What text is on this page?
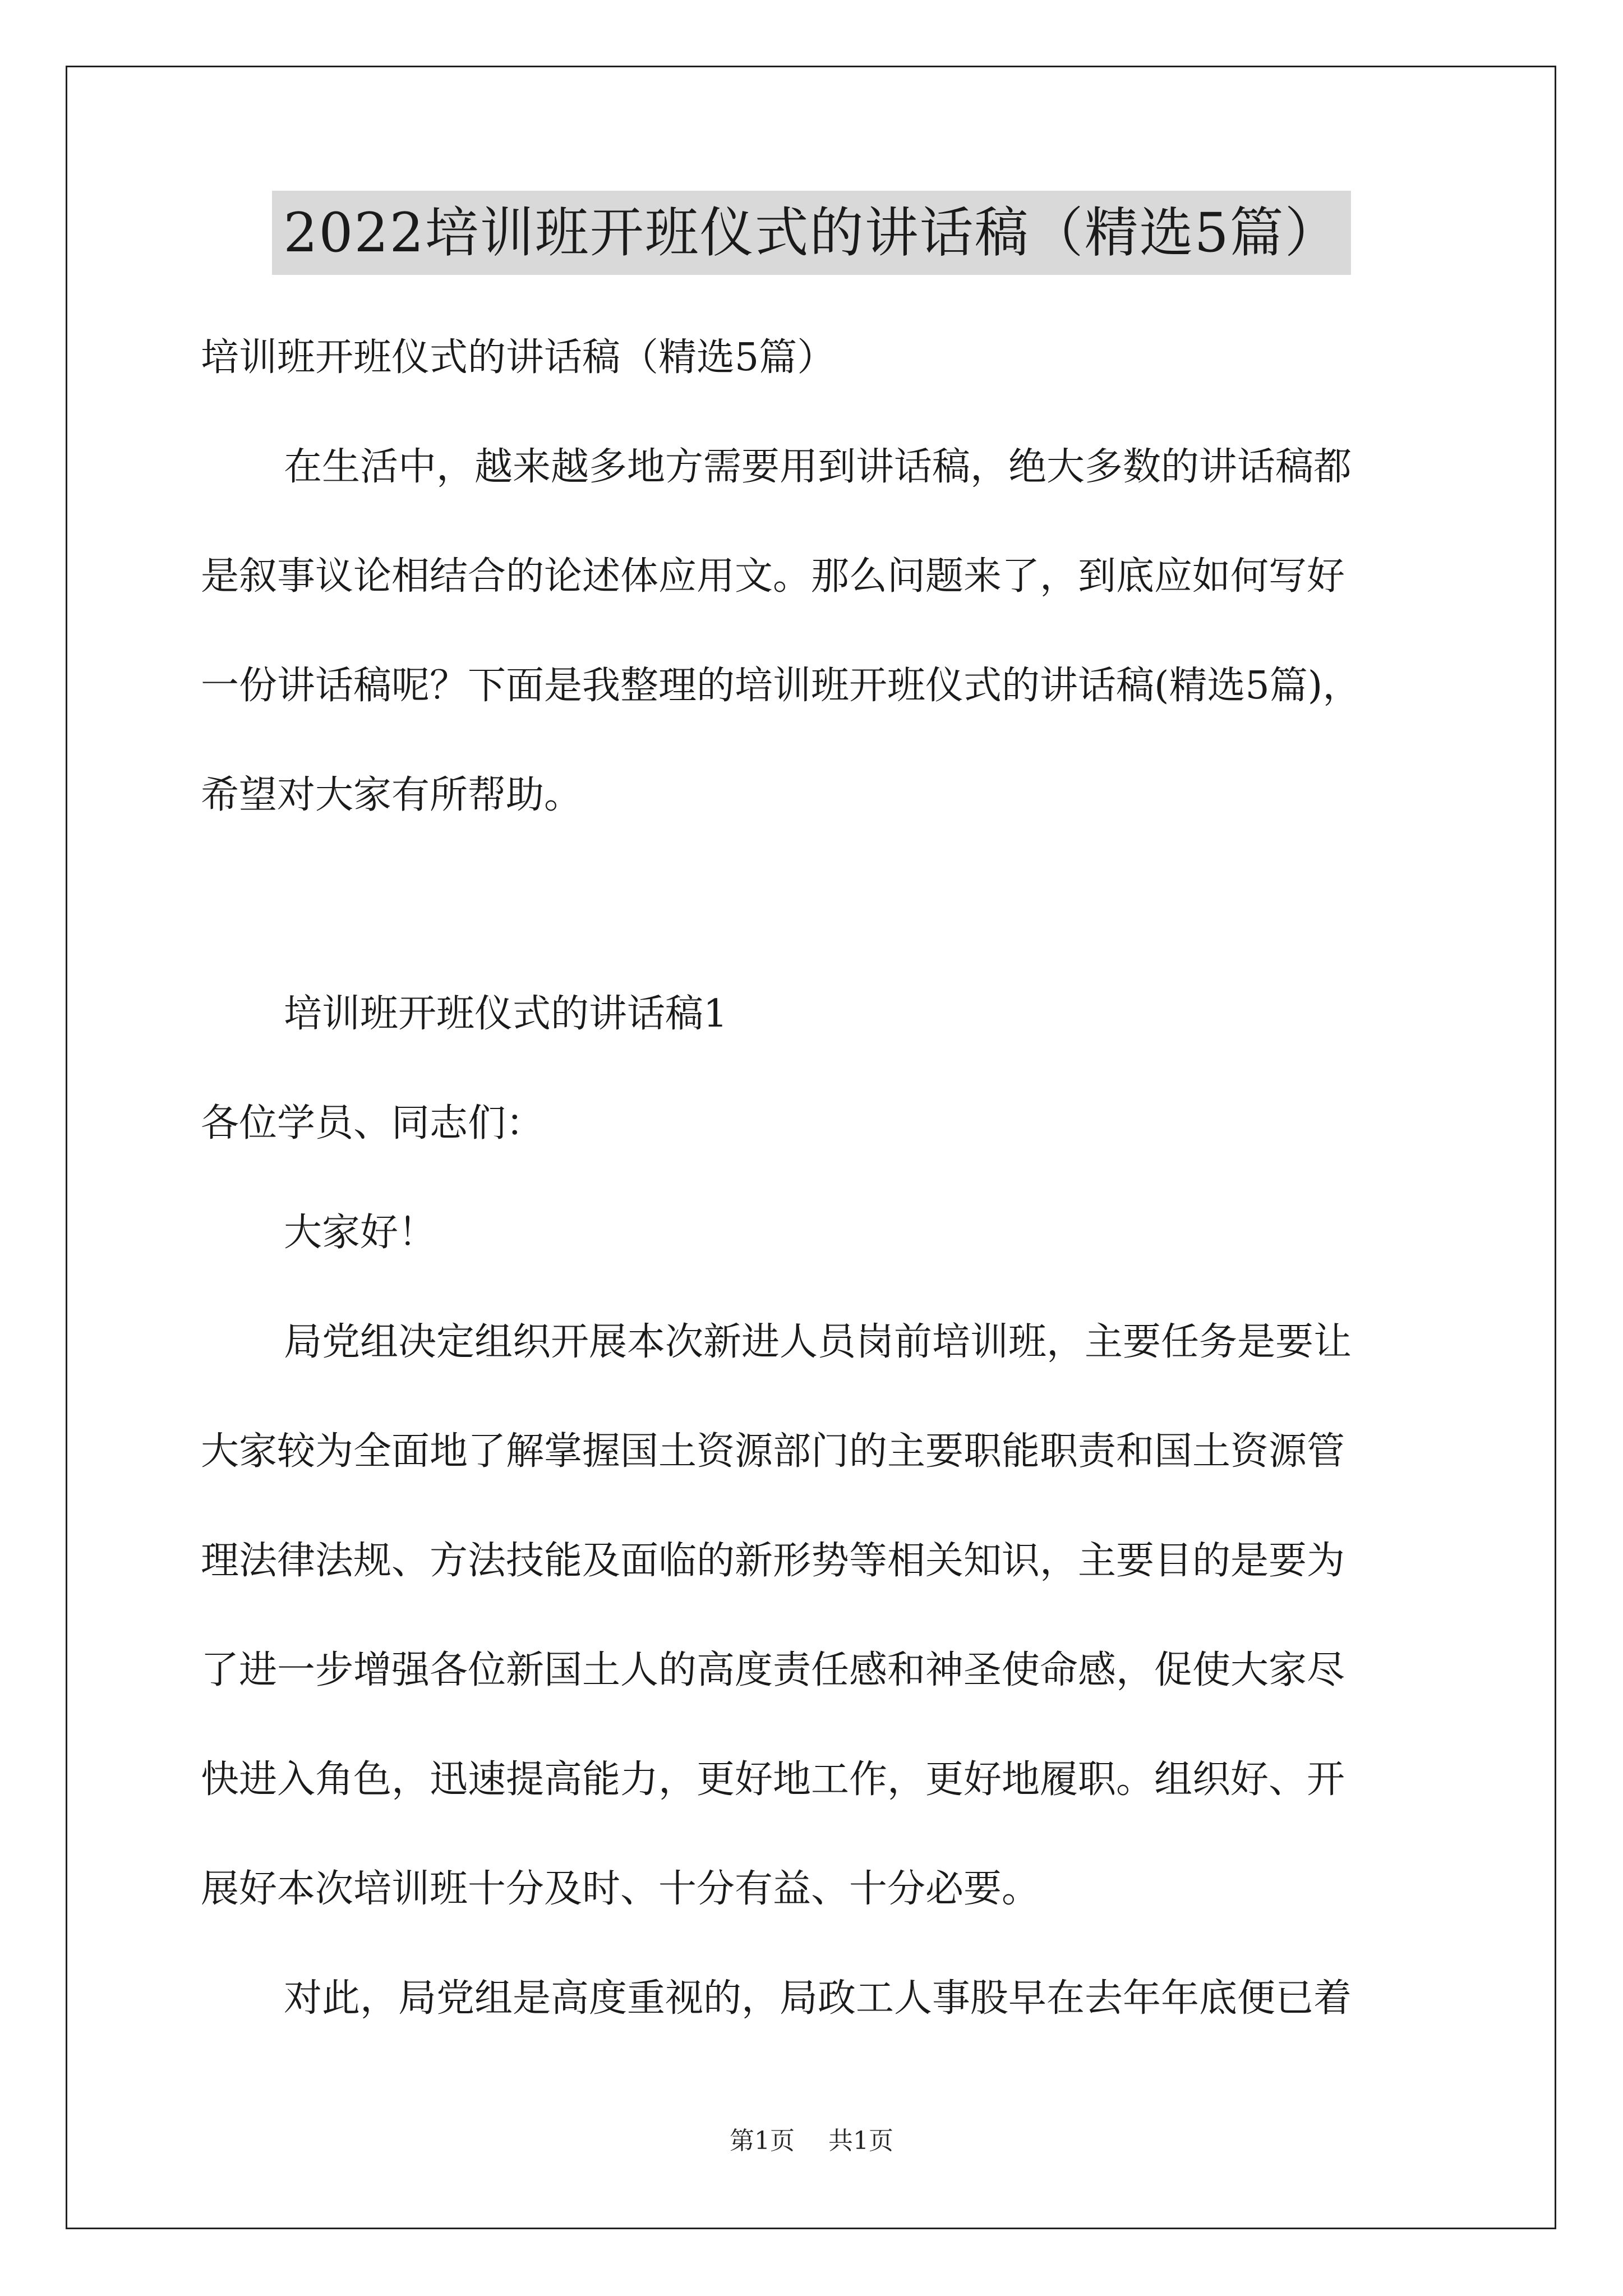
2022培训班开班仪式的讲话稿（精选5篇）

培训班开班仪式的讲话稿（精选5篇）

在生活中，越来越多地方需要用到讲话稿，绝大多数的讲话稿都

是叙事议论相结合的论述体应用文。那么问题来了，到底应如何写好

一份讲话稿呢？下面是我整理的培训班开班仪式的讲话稿(精选5篇)，

希望对大家有所帮助。

培训班开班仪式的讲话稿1

各位学员、同志们：

大家好！

局党组决定组织开展本次新进人员岗前培训班，主要任务是要让

大家较为全面地了解掌握国土资源部门的主要职能职责和国土资源管

理法律法规、方法技能及面临的新形势等相关知识，主要目的是要为

了进一步增强各位新国土人的高度责任感和神圣使命感，促使大家尽

快进入角色，迅速提高能力，更好地工作，更好地履职。组织好、开

展好本次培训班十分及时、十分有益、十分必要。

对此，局党组是高度重视的，局政工人事股早在去年年底便已着

第1页 共1页
